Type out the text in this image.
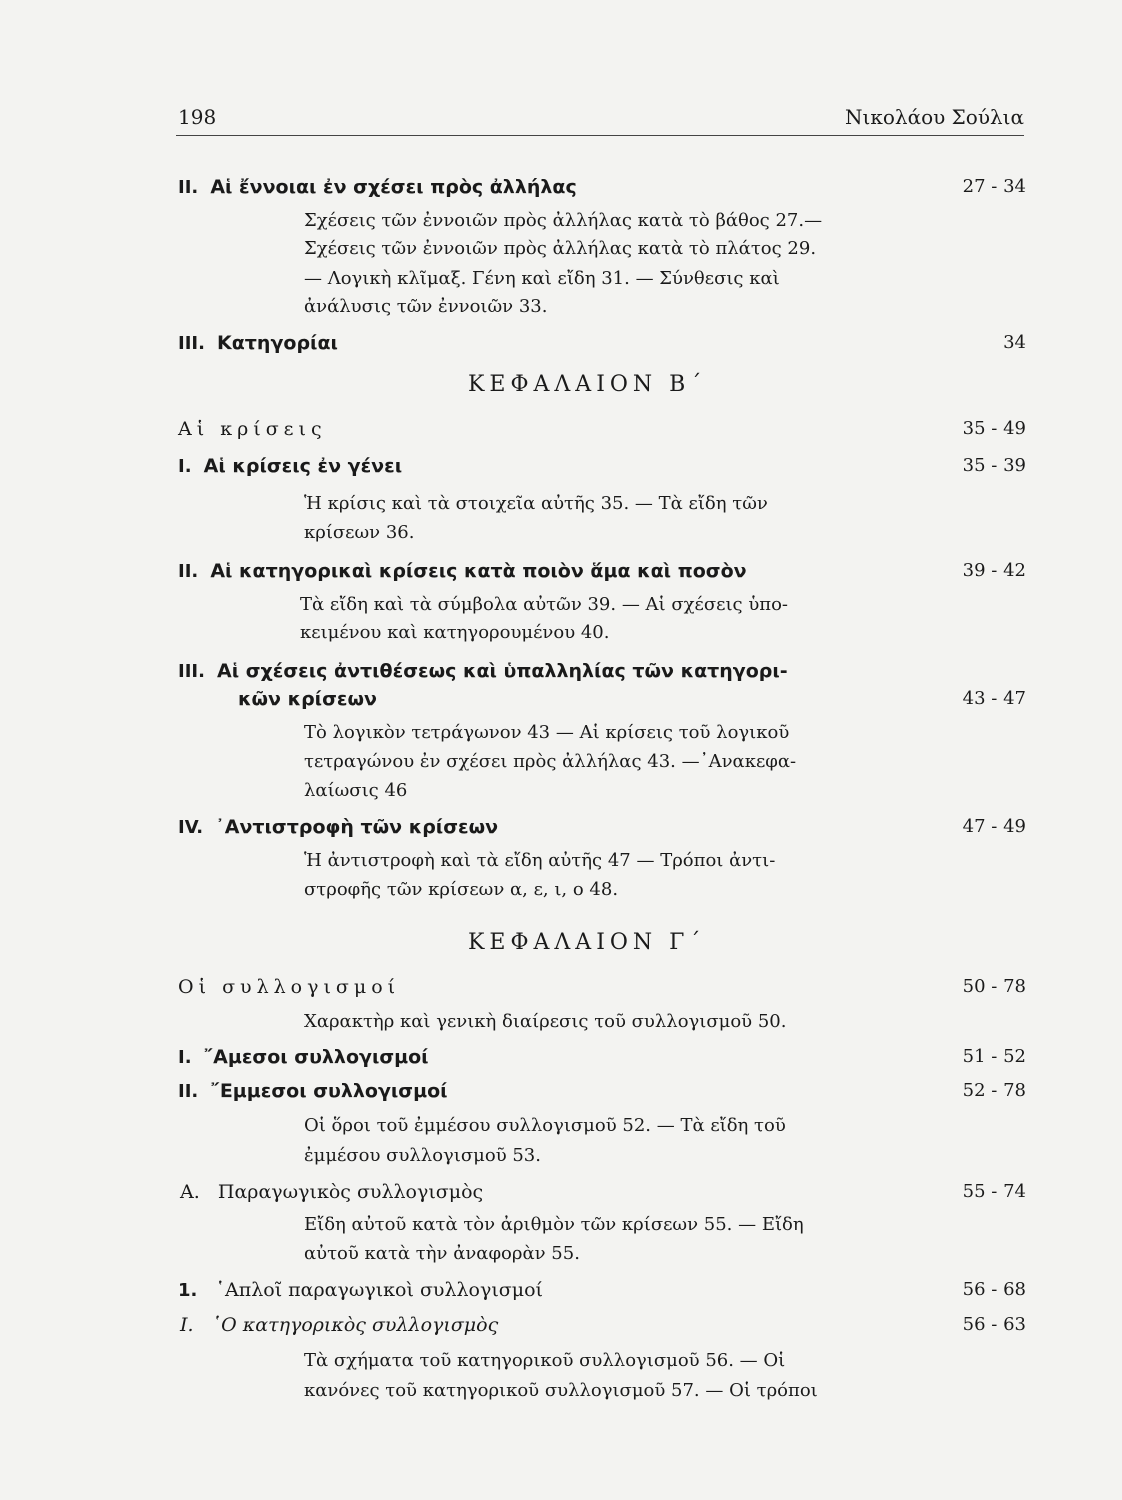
198	Νικολάου Σούλια
II. Αἱ ἔννοιαι ἐν σχέσει πρὸς ἀλλήλας	27 - 34
Σχέσεις τῶν ἐννοιῶν πρὸς ἀλλήλας κατὰ τὸ βάθος 27.—
Σχέσεις τῶν ἐννοιῶν πρὸς ἀλλήλας κατὰ τὸ πλάτος 29.
— Λογικὴ κλῖμαξ. Γένη καὶ εἴδη 31. — Σύνθεσις καὶ
ἀνάλυσις τῶν ἐννοιῶν 33.
III. Κατηγορίαι	34
ΚΕΦΑΛΑΙΟΝ Β΄
Αἱ κρίσεις	35 - 49
I. Αἱ κρίσεις ἐν γένει	35 - 39
Ἡ κρίσις καὶ τὰ στοιχεῖα αὐτῆς 35. — Τὰ εἴδη τῶν
κρίσεων 36.
II. Αἱ κατηγορικαὶ κρίσεις κατὰ ποιὸν ἅμα καὶ ποσὸν	39 - 42
Τὰ εἴδη καὶ τὰ σύμβολα αὐτῶν 39. — Αἱ σχέσεις ὑπο-
κειμένου καὶ κατηγορουμένου 40.
III. Αἱ σχέσεις ἀντιθέσεως καὶ ὑπαλληλίας τῶν κατηγορι-
κῶν κρίσεων	43 - 47
Τὸ λογικὸν τετράγωνον 43 — Αἱ κρίσεις τοῦ λογικοῦ
τετραγώνου ἐν σχέσει πρὸς ἀλλήλας 43. —᾿Ανακεφα-
λαίωσις 46
IV. ᾿Αντιστροφὴ τῶν κρίσεων	47 - 49
Ἡ ἀντιστροφὴ καὶ τὰ εἴδη αὐτῆς 47 — Τρόποι ἀντι-
στροφῆς τῶν κρίσεων α, ε, ι, ο 48.
ΚΕΦΑΛΑΙΟΝ Γ΄
Οἱ συλλογισμοί	50 - 78
Χαρακτὴρ καὶ γενικὴ διαίρεσις τοῦ συλλογισμοῦ 50.
I. ῎Αμεσοι συλλογισμοί	51 - 52
II. ῎Εμμεσοι συλλογισμοί	52 - 78
Οἱ ὅροι τοῦ ἐμμέσου συλλογισμοῦ 52. — Τὰ εἴδη τοῦ
ἐμμέσου συλλογισμοῦ 53.
Α. Παραγωγικὸς συλλογισμὸς	55 - 74
Εἴδη αὐτοῦ κατὰ τὸν ἀριθμὸν τῶν κρίσεων 55. — Εἴδη
αὐτοῦ κατὰ τὴν ἀναφορὰν 55.
1. ῾Απλοῖ παραγωγικοὶ συλλογισμοί	56 - 68
I. ῾Ο κατηγορικὸς συλλογισμὸς	56 - 63
Τὰ σχήματα τοῦ κατηγορικοῦ συλλογισμοῦ 56. — Οἱ
κανόνες τοῦ κατηγορικοῦ συλλογισμοῦ 57. — Οἱ τρόποι
